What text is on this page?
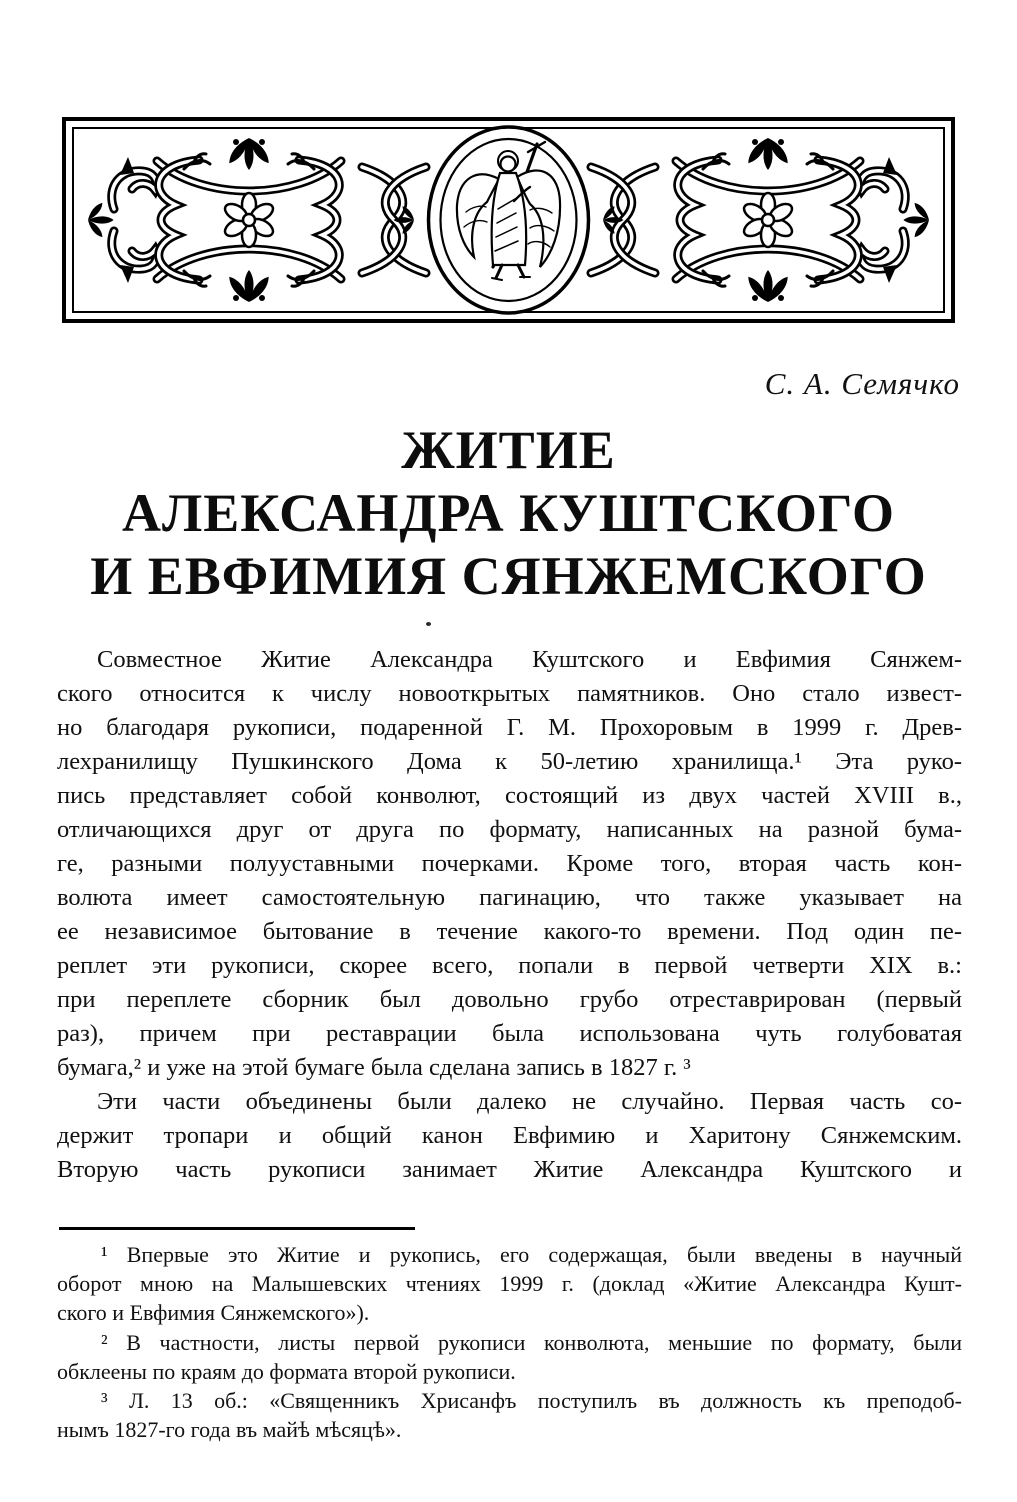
С. А. Семячко
ЖИТИЕ
АЛЕКСАНДРА КУШТСКОГО
И ЕВФИМИЯ СЯНЖЕМСКОГО
Совместное Житие Александра Куштского и Евфимия Сянжем-
ского относится к числу новооткрытых памятников. Оно стало извест-
но благодаря рукописи, подаренной Г. М. Прохоровым в 1999 г. Древ-
лехранилищу Пушкинского Дома к 50-летию хранилища.¹ Эта руко-
пись представляет собой конволют, состоящий из двух частей XVIII в.,
отличающихся друг от друга по формату, написанных на разной бума-
ге, разными полууставными почерками. Кроме того, вторая часть кон-
волюта имеет самостоятельную пагинацию, что также указывает на
ее независимое бытование в течение какого-то времени. Под один пе-
реплет эти рукописи, скорее всего, попали в первой четверти XIX в.:
при переплете сборник был довольно грубо отреставрирован (первый
раз), причем при реставрации была использована чуть голубоватая
бумага,² и уже на этой бумаге была сделана запись в 1827 г. ³
Эти части объединены были далеко не случайно. Первая часть со-
держит тропари и общий канон Евфимию и Харитону Сянжемским.
Вторую часть рукописи занимает Житие Александра Куштского и
¹ Впервые это Житие и рукопись, его содержащая, были введены в научный
оборот мною на Малышевских чтениях 1999 г. (доклад «Житие Александра Кушт-
ского и Евфимия Сянжемского»).
² В частности, листы первой рукописи конволюта, меньшие по формату, были
обклеены по краям до формата второй рукописи.
³ Л. 13 об.: «Священникъ Хрисанфъ поступилъ въ должность къ преподоб-
нымъ 1827-го года въ майѣ мѣсяцѣ».
